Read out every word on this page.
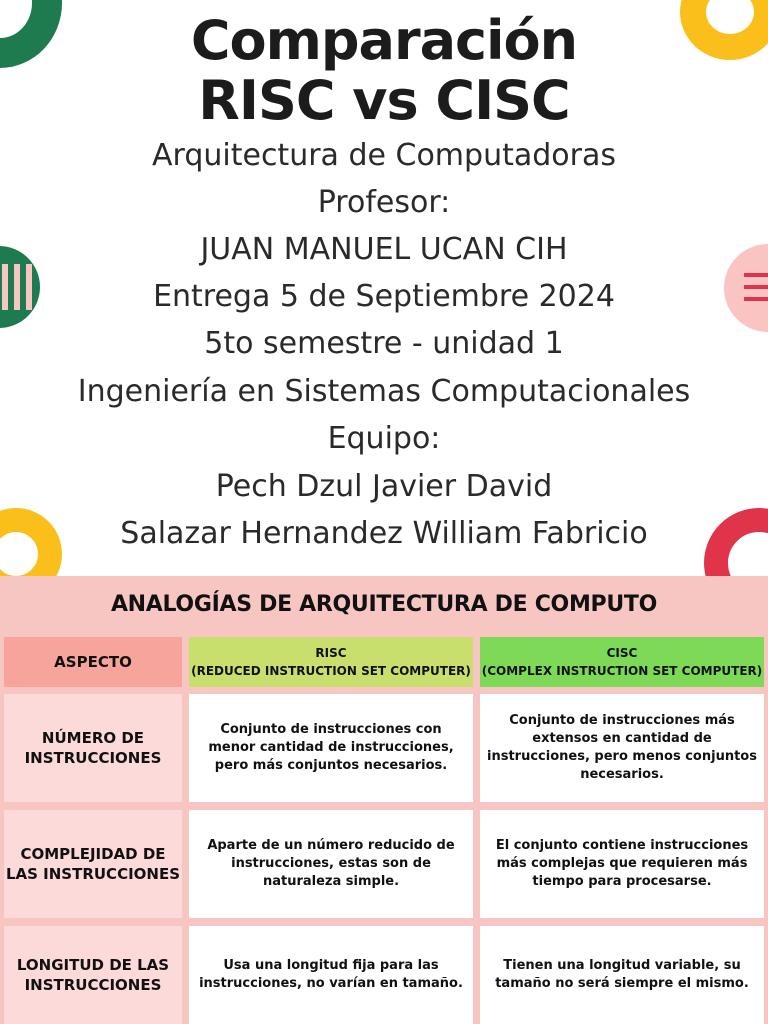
Comparación
RISC vs CISC
Arquitectura de Computadoras
Profesor:
JUAN MANUEL UCAN CIH
Entrega 5 de Septiembre 2024
5to semestre - unidad 1
Ingeniería en Sistemas Computacionales
Equipo:
Pech Dzul Javier David
Salazar Hernandez William Fabricio
ANALOGÍAS DE ARQUITECTURA DE COMPUTO
ASPECTO	RISC
(REDUCED INSTRUCTION SET COMPUTER)
CISC
(COMPLEX INSTRUCTION SET COMPUTER)
NÚMERO DE
INSTRUCCIONES
Conjunto de instrucciones con menor cantidad de instrucciones, pero más conjuntos necesarios.
Conjunto de instrucciones más extensos en cantidad de instrucciones, pero menos conjuntos necesarios.
COMPLEJIDAD DE
LAS INSTRUCCIONES
Aparte de un número reducido de instrucciones, estas son de naturaleza simple.
El conjunto contiene instrucciones más complejas que requieren más tiempo para procesarse.
LONGITUD DE LAS
INSTRUCCIONES
Usa una longitud fija para las instrucciones, no varían en tamaño.
Tienen una longitud variable, su tamaño no será siempre el mismo.
